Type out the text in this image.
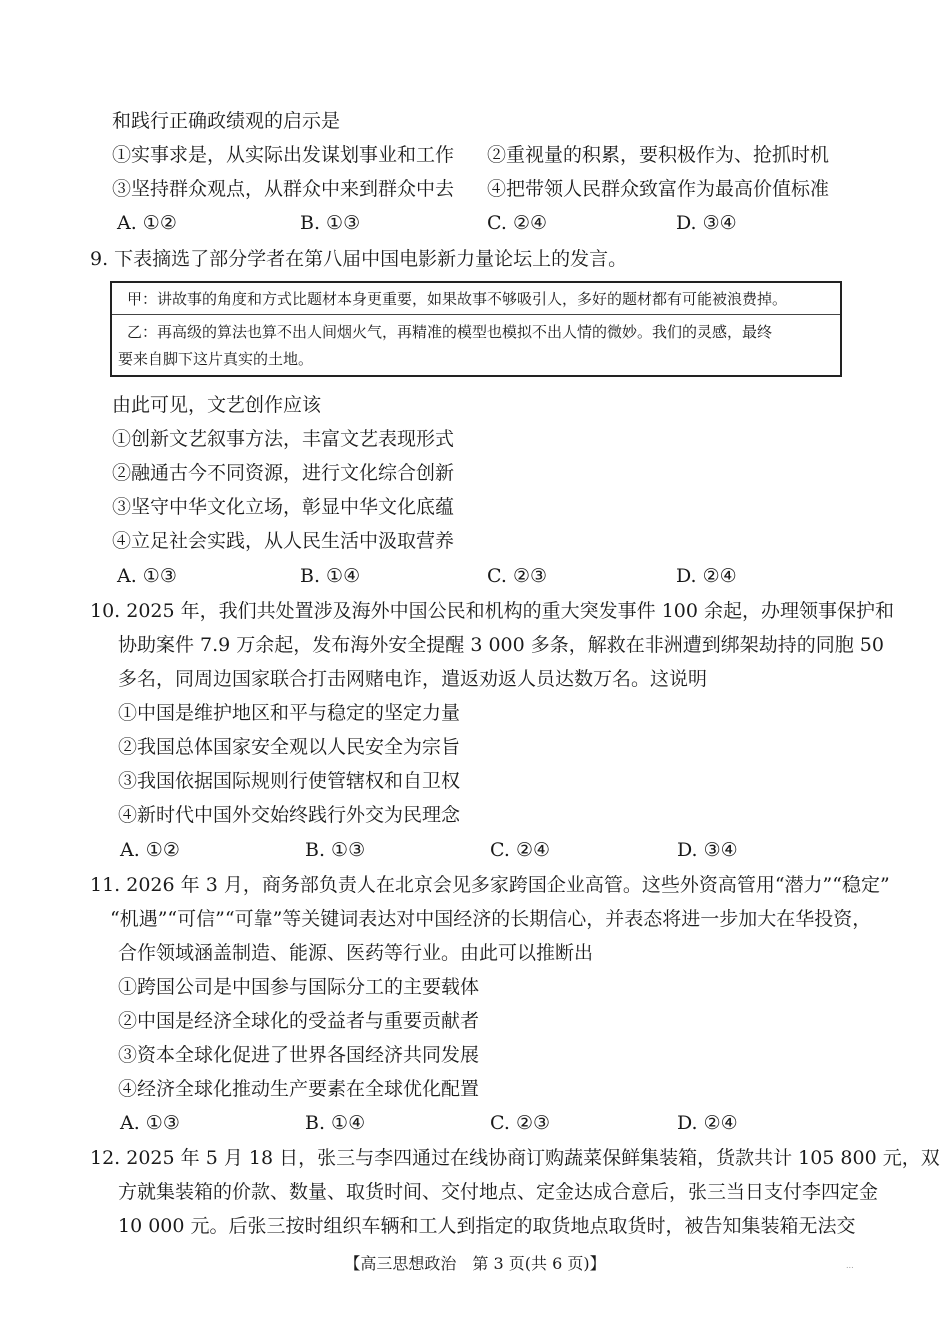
和践行正确政绩观的启示是
①实事求是，从实际出发谋划事业和工作 ②重视量的积累，要积极作为、抢抓时机
③坚持群众观点，从群众中来到群众中去 ④把带领人民群众致富作为最高价值标准
A. ①②	B. ①③	C. ②④	D. ③④
9. 下表摘选了部分学者在第八届中国电影新力量论坛上的发言。
甲：讲故事的角度和方式比题材本身更重要，如果故事不够吸引人，多好的题材都有可能被浪费掉。
乙：再高级的算法也算不出人间烟火气，再精准的模型也模拟不出人情的微妙。我们的灵感，最终
要来自脚下这片真实的土地。
由此可见，文艺创作应该
①创新文艺叙事方法，丰富文艺表现形式
②融通古今不同资源，进行文化综合创新
③坚守中华文化立场，彰显中华文化底蕴
④立足社会实践，从人民生活中汲取营养
A. ①③	B. ①④	C. ②③	D. ②④
10. 2025 年，我们共处置涉及海外中国公民和机构的重大突发事件 100 余起，办理领事保护和
协助案件 7.9 万余起，发布海外安全提醒 3 000 多条，解救在非洲遭到绑架劫持的同胞 50
多名，同周边国家联合打击网赌电诈，遣返劝返人员达数万名。这说明
①中国是维护地区和平与稳定的坚定力量
②我国总体国家安全观以人民安全为宗旨
③我国依据国际规则行使管辖权和自卫权
④新时代中国外交始终践行外交为民理念
A. ①②	B. ①③	C. ②④	D. ③④
11. 2026 年 3 月，商务部负责人在北京会见多家跨国企业高管。这些外资高管用“潜力”“稳定”
“机遇”“可信”“可靠”等关键词表达对中国经济的长期信心，并表态将进一步加大在华投资，
合作领域涵盖制造、能源、医药等行业。由此可以推断出
①跨国公司是中国参与国际分工的主要载体
②中国是经济全球化的受益者与重要贡献者
③资本全球化促进了世界各国经济共同发展
④经济全球化推动生产要素在全球优化配置
A. ①③	B. ①④	C. ②③	D. ②④
12. 2025 年 5 月 18 日，张三与李四通过在线协商订购蔬菜保鲜集装箱，货款共计 105 800 元，双
方就集装箱的价款、数量、取货时间、交付地点、定金达成合意后，张三当日支付李四定金
10 000 元。后张三按时组织车辆和工人到指定的取货地点取货时，被告知集装箱无法交
【高三思想政治　第 3 页(共 6 页)】	...
